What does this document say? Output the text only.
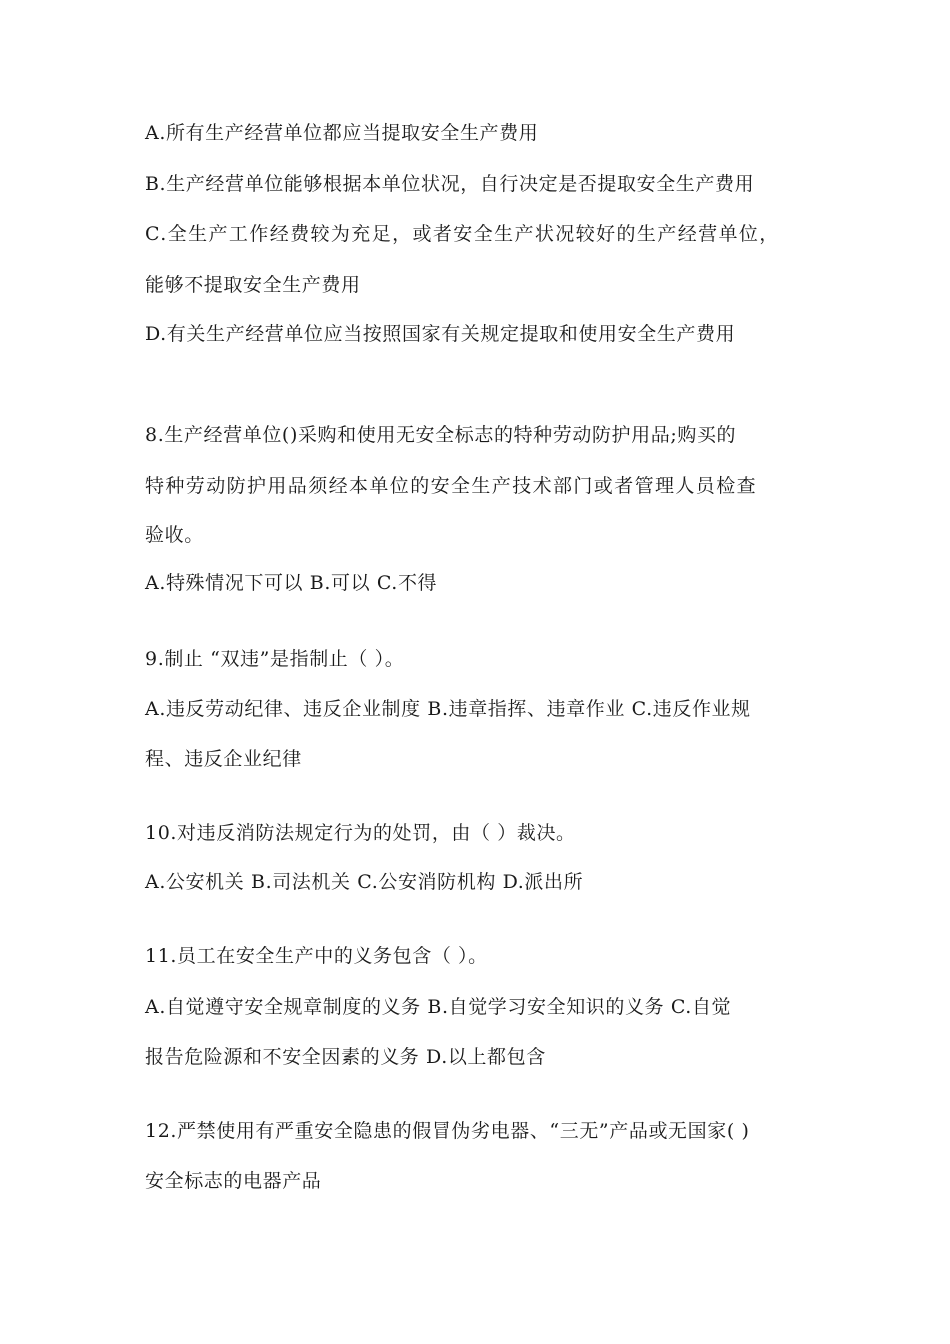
A.所有生产经营单位都应当提取安全生产费用
B.生产经营单位能够根据本单位状况，自行决定是否提取安全生产费用
C.全生产工作经费较为充足，或者安全生产状况较好的生产经营单位，
能够不提取安全生产费用
D.有关生产经营单位应当按照国家有关规定提取和使用安全生产费用
8.生产经营单位()采购和使用无安全标志的特种劳动防护用品;购买的
特种劳动防护用品须经本单位的安全生产技术部门或者管理人员检查
验收。
A.特殊情况下可以 B.可以 C.不得
9.制止 “双违”是指制止（ ）。
A.违反劳动纪律、违反企业制度 B.违章指挥、违章作业 C.违反作业规
程、违反企业纪律
10.对违反消防法规定行为的处罚，由（ ）裁决。
A.公安机关 B.司法机关 C.公安消防机构 D.派出所
11.员工在安全生产中的义务包含（ ）。
A.自觉遵守安全规章制度的义务 B.自觉学习安全知识的义务 C.自觉
报告危险源和不安全因素的义务 D.以上都包含
12.严禁使用有严重安全隐患的假冒伪劣电器、“三无”产品或无国家( )
安全标志的电器产品
